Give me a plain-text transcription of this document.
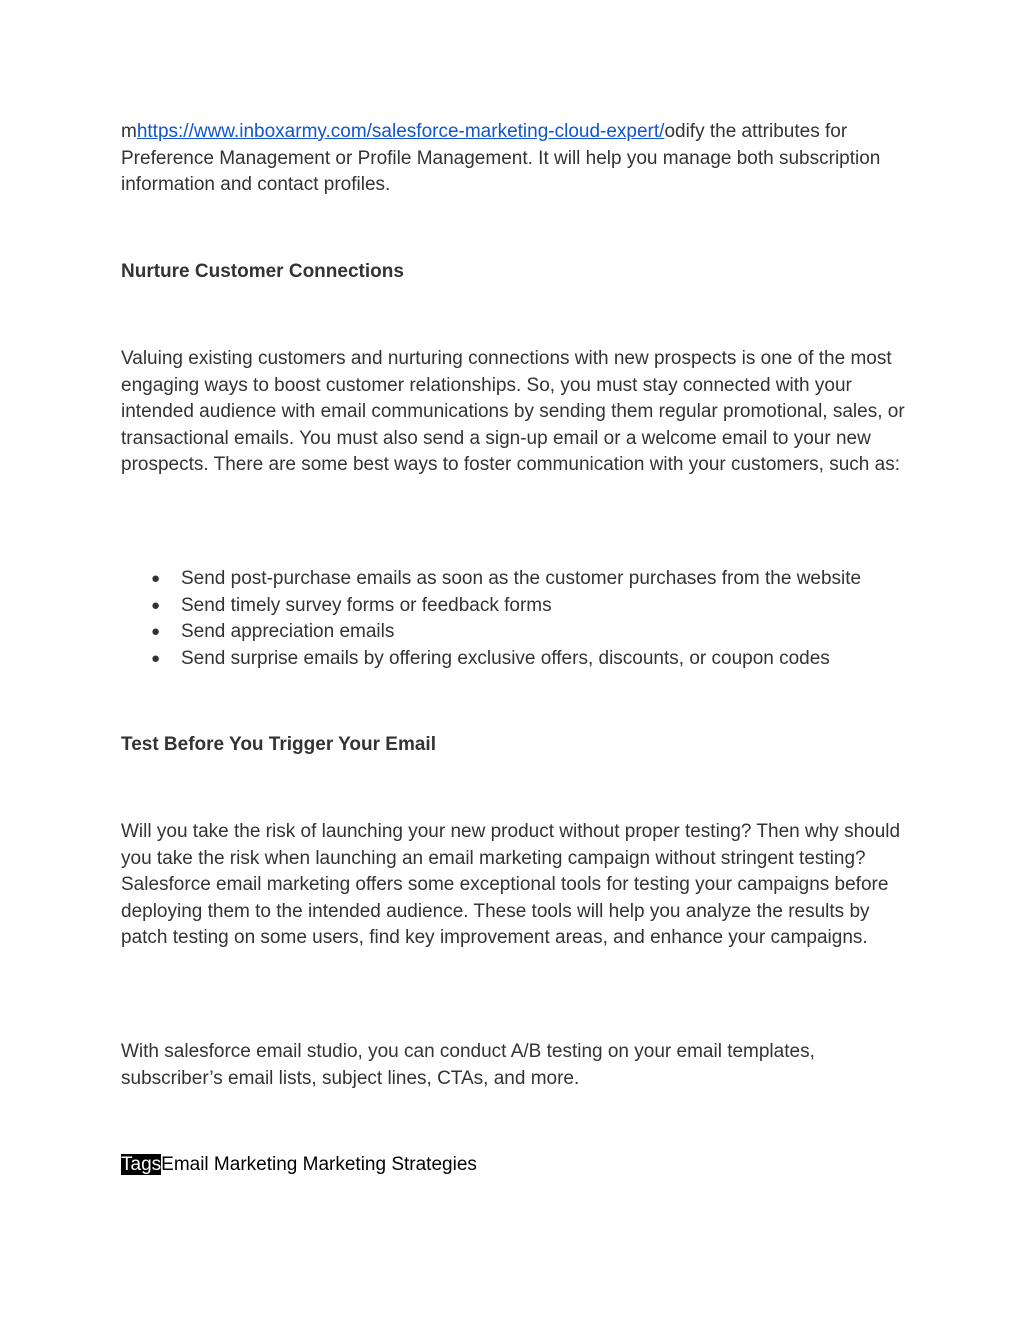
mhttps://www.inboxarmy.com/salesforce-marketing-cloud-expert/odify the attributes for Preference Management or Profile Management. It will help you manage both subscription information and contact profiles.

Nurture Customer Connections

Valuing existing customers and nurturing connections with new prospects is one of the most engaging ways to boost customer relationships. So, you must stay connected with your intended audience with email communications by sending them regular promotional, sales, or transactional emails. You must also send a sign-up email or a welcome email to your new prospects. There are some best ways to foster communication with your customers, such as:

● Send post-purchase emails as soon as the customer purchases from the website
● Send timely survey forms or feedback forms
● Send appreciation emails
● Send surprise emails by offering exclusive offers, discounts, or coupon codes

Test Before You Trigger Your Email

Will you take the risk of launching your new product without proper testing? Then why should you take the risk when launching an email marketing campaign without stringent testing? Salesforce email marketing offers some exceptional tools for testing your campaigns before deploying them to the intended audience. These tools will help you analyze the results by patch testing on some users, find key improvement areas, and enhance your campaigns.

With salesforce email studio, you can conduct A/B testing on your email templates, subscriber’s email lists, subject lines, CTAs, and more.

TagsEmail Marketing Marketing Strategies
